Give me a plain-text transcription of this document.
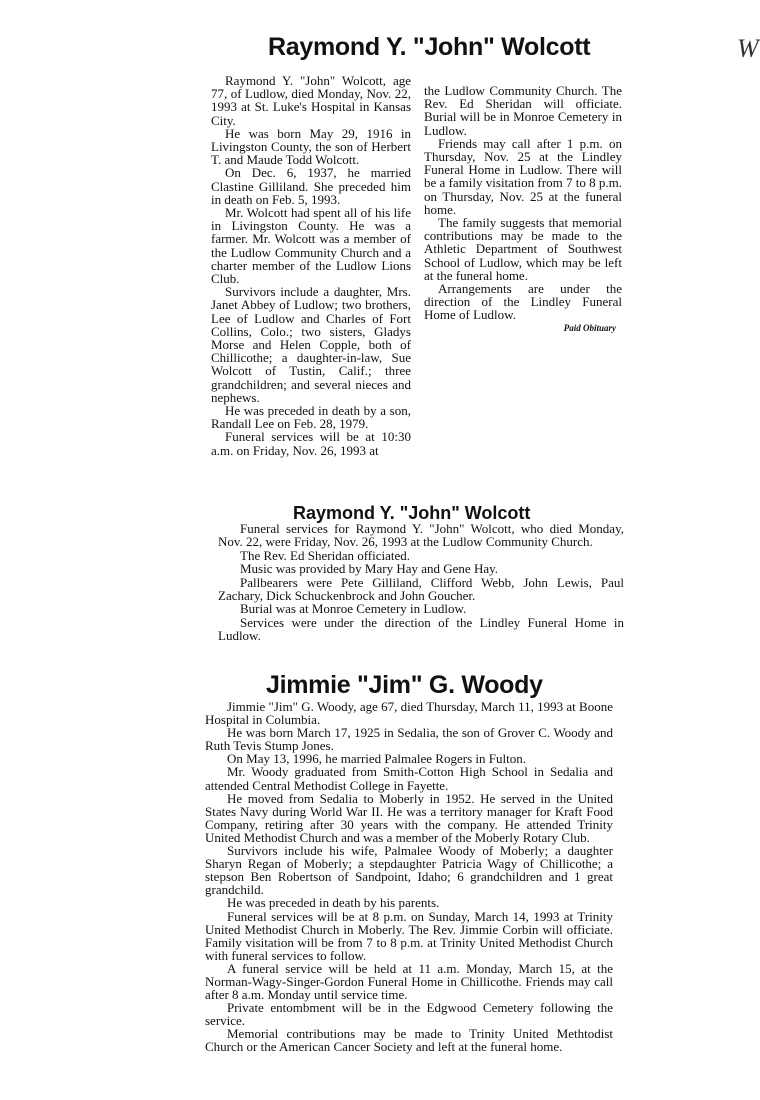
W
Raymond Y. "John" Wolcott

Raymond Y. "John" Wolcott, age 77, of Ludlow, died Monday, Nov. 22, 1993 at St. Luke's Hospital in Kansas City.

He was born May 29, 1916 in Livingston County, the son of Herbert T. and Maude Todd Wolcott.

On Dec. 6, 1937, he married Clastine Gilliland. She preceded him in death on Feb. 5, 1993.

Mr. Wolcott had spent all of his life in Livingston County. He was a farmer. Mr. Wolcott was a member of the Ludlow Community Church and a charter member of the Ludlow Lions Club.

Survivors include a daughter, Mrs. Janet Abbey of Ludlow; two brothers, Lee of Ludlow and Charles of Fort Collins, Colo.; two sisters, Gladys Morse and Helen Copple, both of Chillicothe; a daughter-in-law, Sue Wolcott of Tustin, Calif.; three grandchildren; and several nieces and nephews.

He was preceded in death by a son, Randall Lee on Feb. 28, 1979.

Funeral services will be at 10:30 a.m. on Friday, Nov. 26, 1993 at

the Ludlow Community Church. The Rev. Ed Sheridan will officiate. Burial will be in Monroe Cemetery in Ludlow.

Friends may call after 1 p.m. on Thursday, Nov. 25 at the Lindley Funeral Home in Ludlow. There will be a family visitation from 7 to 8 p.m. on Thursday, Nov. 25 at the funeral home.

The family suggests that memorial contributions may be made to the Athletic Department of Southwest School of Ludlow, which may be left at the funeral home.

Arrangements are under the direction of the Lindley Funeral Home of Ludlow.

Paid Obituary

Raymond Y. "John" Wolcott

Funeral services for Raymond Y. "John" Wolcott, who died Monday, Nov. 22, were Friday, Nov. 26, 1993 at the Ludlow Community Church.

The Rev. Ed Sheridan officiated.

Music was provided by Mary Hay and Gene Hay.

Pallbearers were Pete Gilliland, Clifford Webb, John Lewis, Paul Zachary, Dick Schuckenbrock and John Goucher.

Burial was at Monroe Cemetery in Ludlow.

Services were under the direction of the Lindley Funeral Home in Ludlow.

Jimmie "Jim" G. Woody

Jimmie "Jim" G. Woody, age 67, died Thursday, March 11, 1993 at Boone Hospital in Columbia.

He was born March 17, 1925 in Sedalia, the son of Grover C. Woody and Ruth Tevis Stump Jones.

On May 13, 1996, he married Palmalee Rogers in Fulton.

Mr. Woody graduated from Smith-Cotton High School in Sedalia and attended Central Methodist College in Fayette.

He moved from Sedalia to Moberly in 1952. He served in the United States Navy during World War II. He was a territory manager for Kraft Food Company, retiring after 30 years with the company. He attended Trinity United Methodist Church and was a member of the Moberly Rotary Club.

Survivors include his wife, Palmalee Woody of Moberly; a daughter Sharyn Regan of Moberly; a stepdaughter Patricia Wagy of Chillicothe; a stepson Ben Robertson of Sandpoint, Idaho; 6 grandchildren and 1 great grandchild.

He was preceded in death by his parents.

Funeral services will be at 8 p.m. on Sunday, March 14, 1993 at Trinity United Methodist Church in Moberly. The Rev. Jimmie Corbin will officiate. Family visitation will be from 7 to 8 p.m. at Trinity United Methodist Church with funeral services to follow.

A funeral service will be held at 11 a.m. Monday, March 15, at the Norman-Wagy-Singer-Gordon Funeral Home in Chillicothe. Friends may call after 8 a.m. Monday until service time.

Private entombment will be in the Edgwood Cemetery following the service.

Memorial contributions may be made to Trinity United Methtodist Church or the American Cancer Society and left at the funeral home.
